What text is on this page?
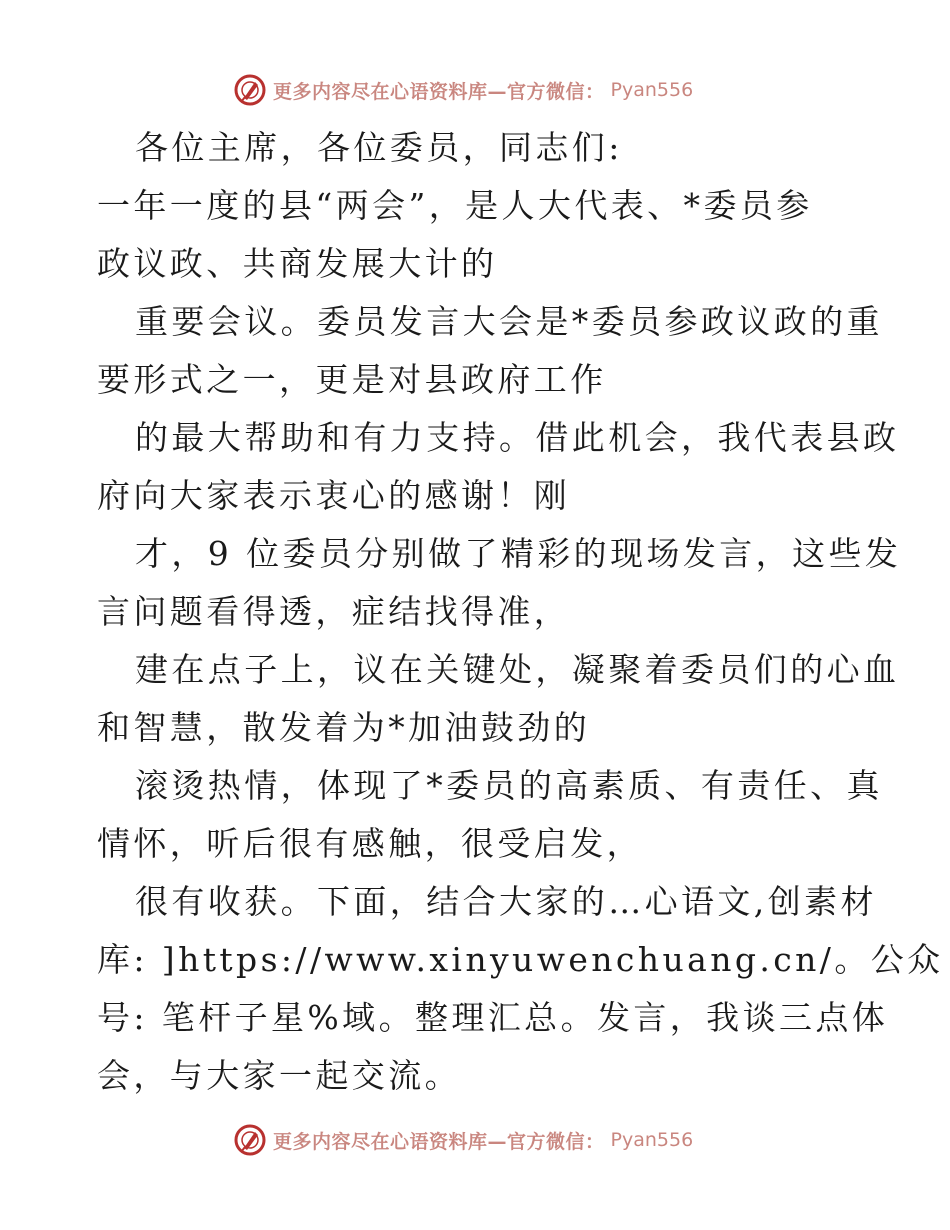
更多内容尽在心语资料库—官方微信： Pyan556
各位主席，各位委员，同志们:
一年一度的县“两会”，是人大代表、*委员参
政议政、共商发展大计的
重要会议。委员发言大会是*委员参政议政的重
要形式之一，更是对县政府工作
的最大帮助和有力支持。借此机会，我代表县政
府向大家表示衷心的感谢！刚
才，9 位委员分别做了精彩的现场发言，这些发
言问题看得透，症结找得准，
建在点子上，议在关键处，凝聚着委员们的心血
和智慧，散发着为*加油鼓劲的
滚烫热情，体现了*委员的高素质、有责任、真
情怀，听后很有感触，很受启发，
很有收获。下面，结合大家的…心语文,创素材
库: ]https://www.xinyuwenchuang.cn/。公众
号: 笔杆子星%域。整理汇总。发言，我谈三点体
会，与大家一起交流。
更多内容尽在心语资料库—官方微信： Pyan556
